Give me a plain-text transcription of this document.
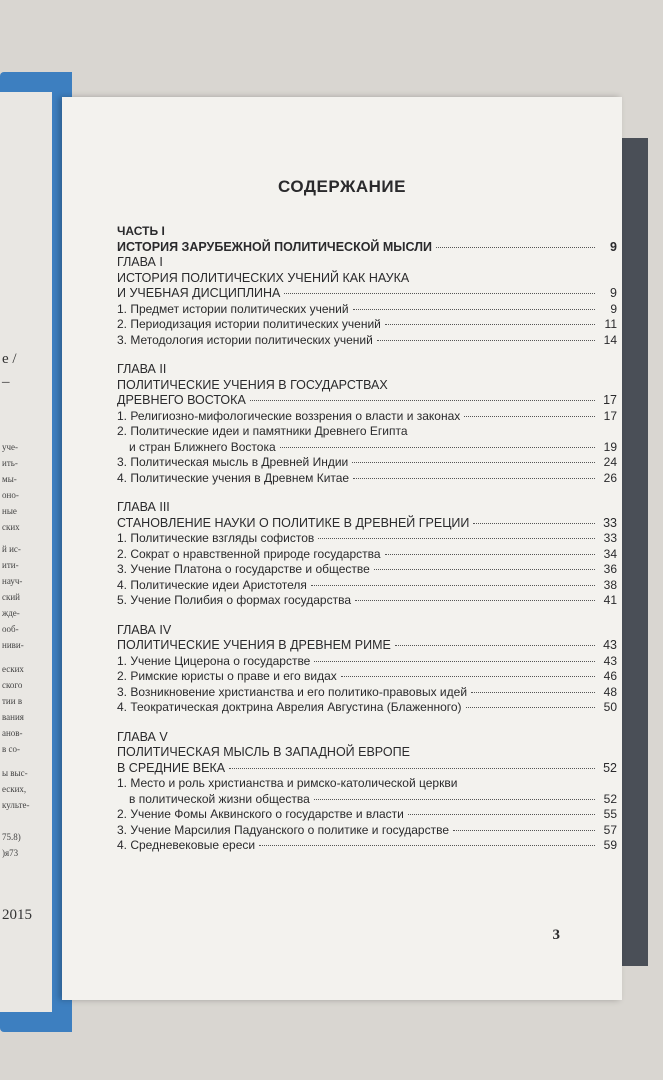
е /
–
уче-
ить-
мы-
оно-
ные
ских
й ис-
ити-
науч-
ский
ждe-
ооб-
ниви-
еских
ского
тии в
вания
анов-
в со-
ы выс-
еских,
культе-
75.8)
)я73
2015
СОДЕРЖАНИЕ
ЧАСТЬ I
ИСТОРИЯ ЗАРУБЕЖНОЙ ПОЛИТИЧЕСКОЙ МЫСЛИ	9
ГЛАВА I
ИСТОРИЯ ПОЛИТИЧЕСКИХ УЧЕНИЙ КАК НАУКА
И УЧЕБНАЯ ДИСЦИПЛИНА	9
1. Предмет истории политических учений	9
2. Периодизация истории политических учений	11
3. Методология истории политических учений	14
ГЛАВА II
ПОЛИТИЧЕСКИЕ УЧЕНИЯ В ГОСУДАРСТВАХ
ДРЕВНЕГО ВОСТОКА	17
1. Религиозно-мифологические воззрения о власти и законах	17
2. Политические идеи и памятники Древнего Египта
и стран Ближнего Востока	19
3. Политическая мысль в Древней Индии	24
4. Политические учения в Древнем Китае	26
ГЛАВА III
СТАНОВЛЕНИЕ НАУКИ О ПОЛИТИКЕ В ДРЕВНЕЙ ГРЕЦИИ	33
1. Политические взгляды софистов	33
2. Сократ о нравственной природе государства	34
3. Учение Платона о государстве и обществе	36
4. Политические идеи Аристотеля	38
5. Учение Полибия о формах государства	41
ГЛАВА IV
ПОЛИТИЧЕСКИЕ УЧЕНИЯ В ДРЕВНЕМ РИМЕ	43
1. Учение Цицерона о государстве	43
2. Римские юристы о праве и его видах	46
3. Возникновение христианства и его политико-правовых идей	48
4. Теократическая доктрина Аврелия Августина (Блаженного)	50
ГЛАВА V
ПОЛИТИЧЕСКАЯ МЫСЛЬ В ЗАПАДНОЙ ЕВРОПЕ
В СРЕДНИЕ ВЕКА	52
1. Место и роль христианства и римско-католической церкви
в политической жизни общества	52
2. Учение Фомы Аквинского о государстве и власти	55
3. Учение Марсилия Падуанского о политике и государстве	57
4. Средневековые ереси	59
3
